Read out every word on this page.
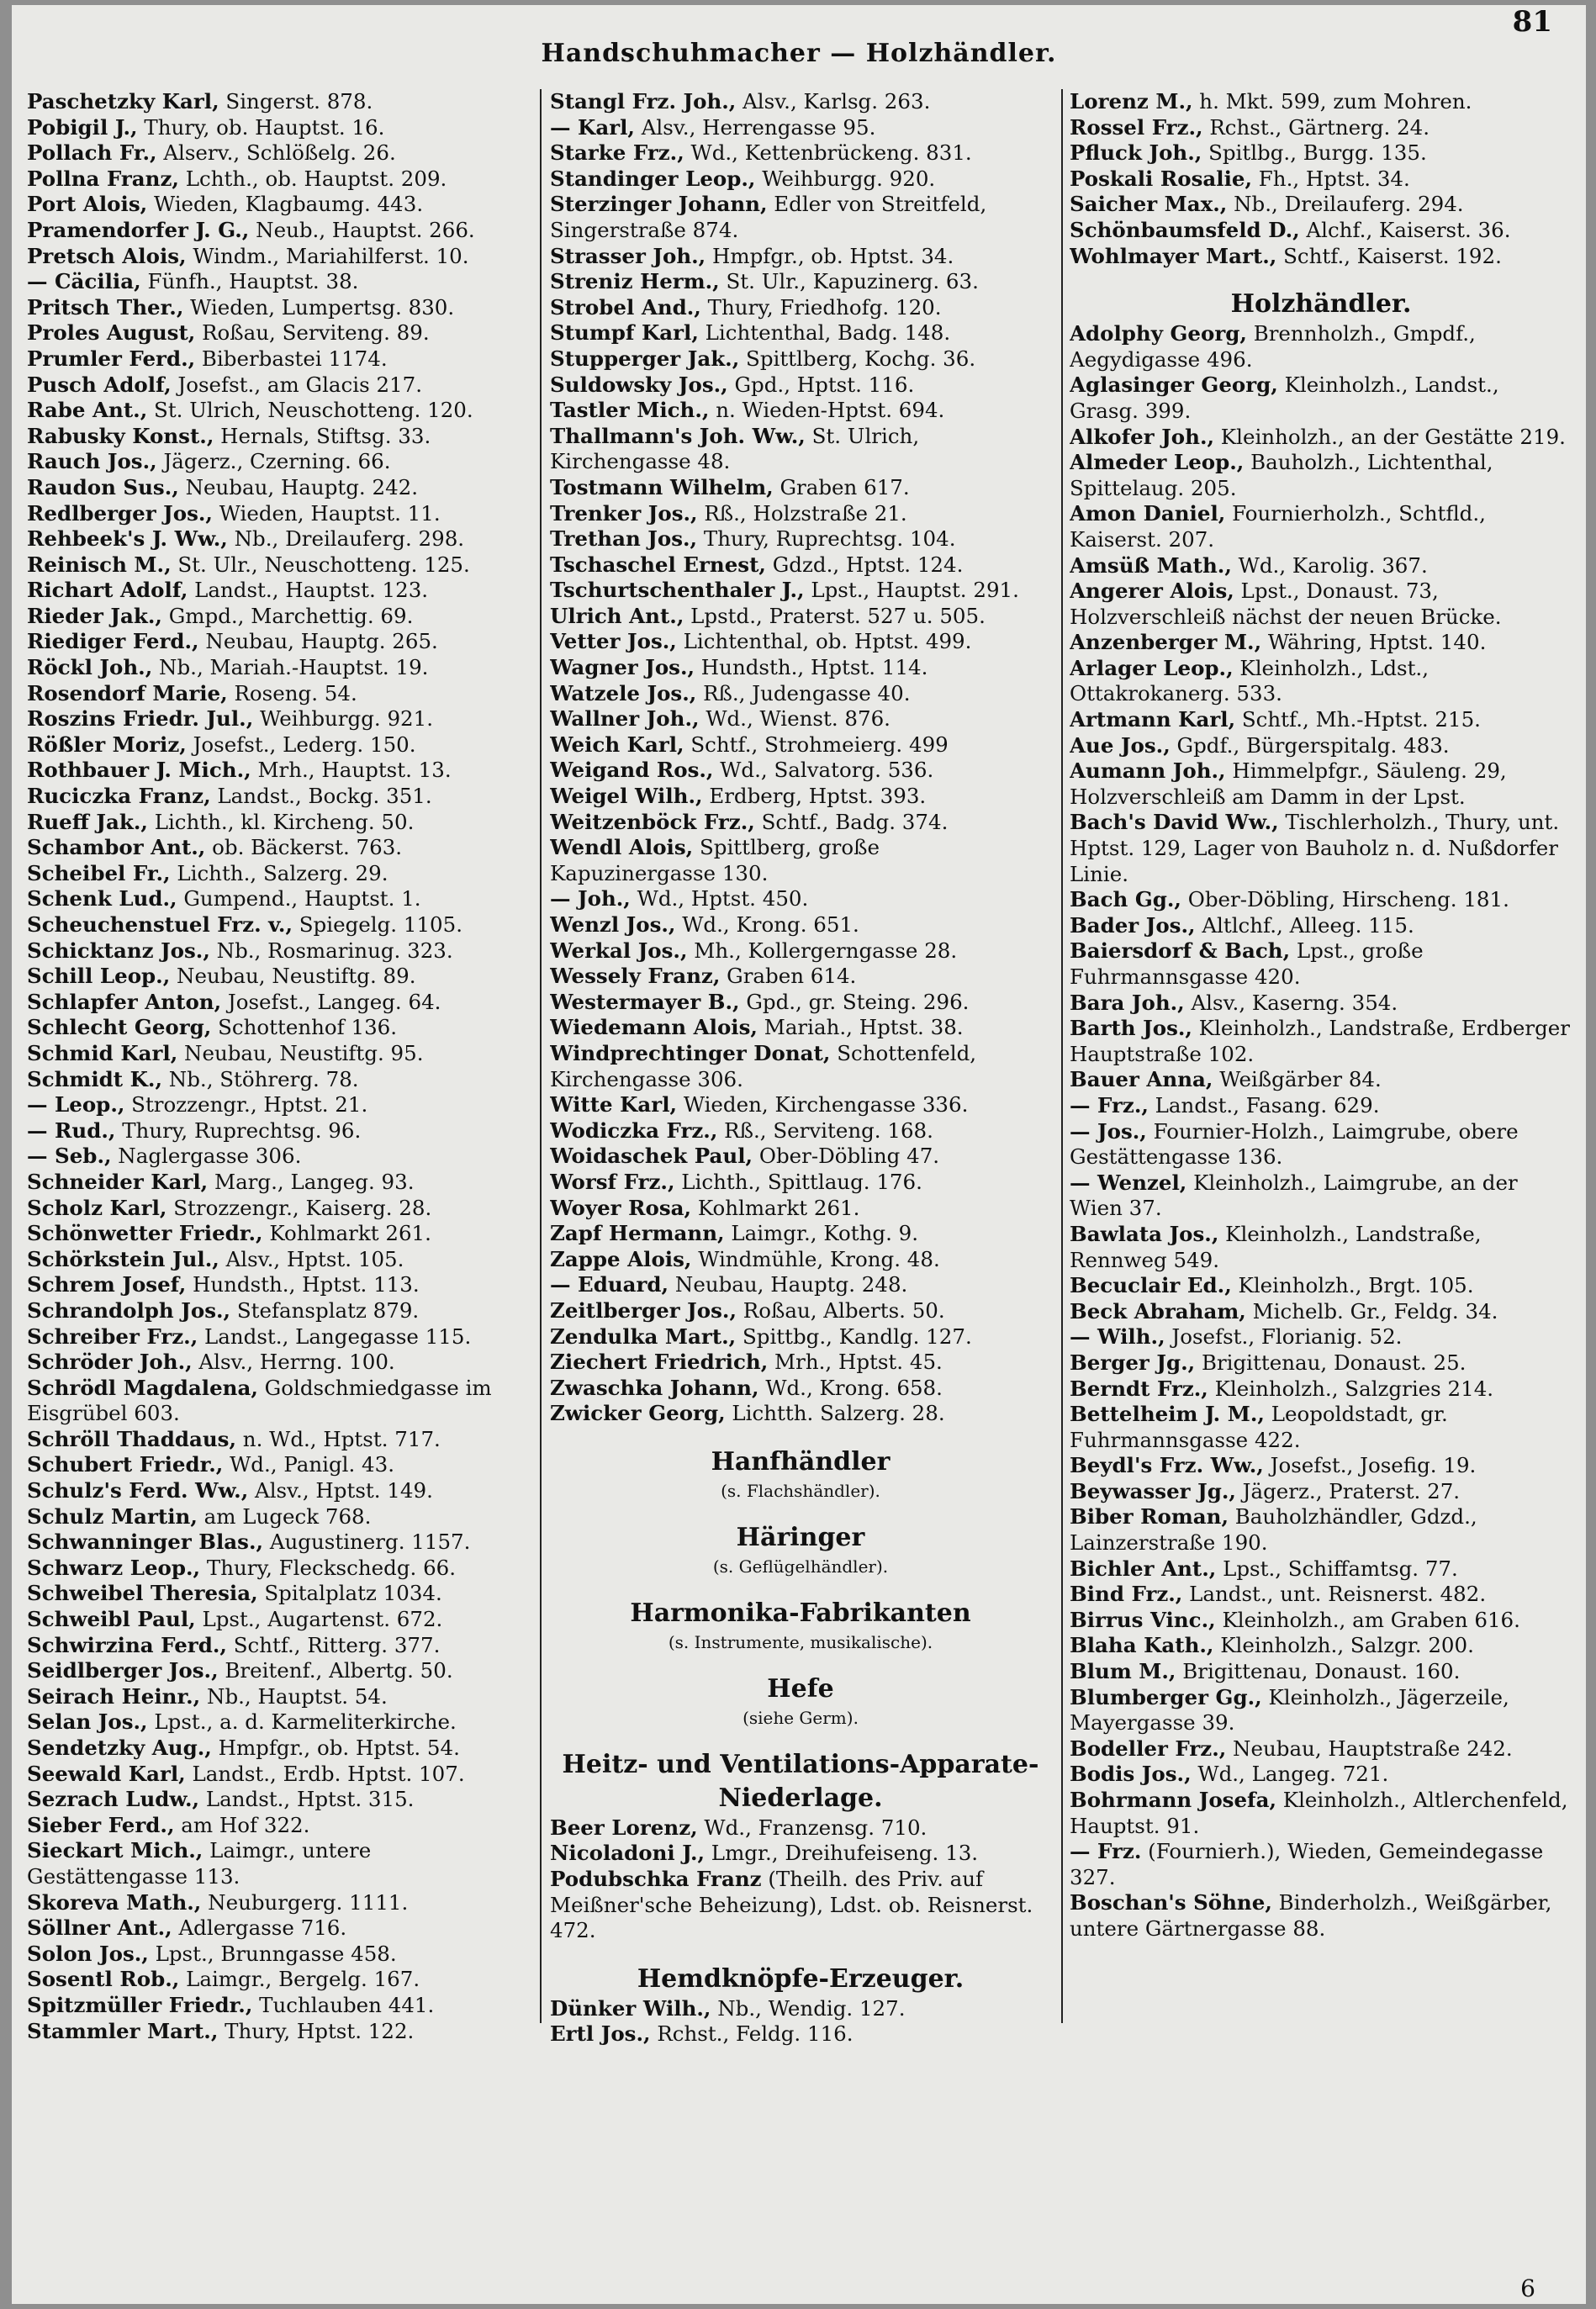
Handschuhmacher — Holzhändler.
81
Paschetzky Karl, Singerst. 878.
Pobigil J., Thury, ob. Hauptst. 16.
Pollach Fr., Alserv., Schlößelg. 26.
Pollna Franz, Lchth., ob. Hauptst. 209.
Port Alois, Wieden, Klagbaumg. 443.
Pramendorfer J. G., Neub., Hauptst. 266.
Pretsch Alois, Windm., Mariahilferst. 10.
— Cäcilia, Fünfh., Hauptst. 38.
Pritsch Ther., Wieden, Lumpertsg. 830.
Proles August, Roßau, Serviteng. 89.
Prumler Ferd., Biberbastei 1174.
Pusch Adolf, Josefst., am Glacis 217.
Rabe Ant., St. Ulrich, Neuschotteng. 120.
Rabusky Konst., Hernals, Stiftsg. 33.
Rauch Jos., Jägerz., Czerning. 66.
Raudon Sus., Neubau, Hauptg. 242.
Redlberger Jos., Wieden, Hauptst. 11.
Rehbeek's J. Ww., Nb., Dreilauferg. 298.
Reinisch M., St. Ulr., Neuschotteng. 125.
Richart Adolf, Landst., Hauptst. 123.
Rieder Jak., Gmpd., Marchettig. 69.
Riediger Ferd., Neubau, Hauptg. 265.
Röckl Joh., Nb., Mariah.-Hauptst. 19.
Rosendorf Marie, Roseng. 54.
Roszins Friedr. Jul., Weihburgg. 921.
Rößler Moriz, Josefst., Lederg. 150.
Rothbauer J. Mich., Mrh., Hauptst. 13.
Ruciczka Franz, Landst., Bockg. 351.
Rueff Jak., Lichth., kl. Kircheng. 50.
Schambor Ant., ob. Bäckerst. 763.
Scheibel Fr., Lichth., Salzerg. 29.
Schenk Lud., Gumpend., Hauptst. 1.
Scheuchenstuel Frz. v., Spiegelg. 1105.
Schicktanz Jos., Nb., Rosmarinug. 323.
Schill Leop., Neubau, Neustiftg. 89.
Schlapfer Anton, Josefst., Langeg. 64.
Schlecht Georg, Schottenhof 136.
Schmid Karl, Neubau, Neustiftg. 95.
Schmidt K., Nb., Stöhrerg. 78.
— Leop., Strozzengr., Hptst. 21.
— Rud., Thury, Ruprechtsg. 96.
— Seb., Naglergasse 306.
Schneider Karl, Marg., Langeg. 93.
Scholz Karl, Strozzengr., Kaiserg. 28.
Schönwetter Friedr., Kohlmarkt 261.
Schörkstein Jul., Alsv., Hptst. 105.
Schrem Josef, Hundsth., Hptst. 113.
Schrandolph Jos., Stefansplatz 879.
Schreiber Frz., Landst., Langegasse 115.
Schröder Joh., Alsv., Herrng. 100.
Schrödl Magdalena, Goldschmiedgasse im Eisgrübel 603.
Schröll Thaddaus, n. Wd., Hptst. 717.
Schubert Friedr., Wd., Panigl. 43.
Schulz's Ferd. Ww., Alsv., Hptst. 149.
Schulz Martin, am Lugeck 768.
Schwanninger Blas., Augustinerg. 1157.
Schwarz Leop., Thury, Fleckschedg. 66.
Schweibel Theresia, Spitalplatz 1034.
Schweibl Paul, Lpst., Augartenst. 672.
Schwirzina Ferd., Schtf., Ritterg. 377.
Seidlberger Jos., Breitenf., Albertg. 50.
Seirach Heinr., Nb., Hauptst. 54.
Selan Jos., Lpst., a. d. Karmeliterkirche.
Sendetzky Aug., Hmpfgr., ob. Hptst. 54.
Seewald Karl, Landst., Erdb. Hptst. 107.
Sezrach Ludw., Landst., Hptst. 315.
Sieber Ferd., am Hof 322.
Sieckart Mich., Laimgr., untere Gestättengasse 113.
Skoreva Math., Neuburgerg. 1111.
Söllner Ant., Adlergasse 716.
Solon Jos., Lpst., Brunngasse 458.
Sosentl Rob., Laimgr., Bergelg. 167.
Spitzmüller Friedr., Tuchlauben 441.
Stammler Mart., Thury, Hptst. 122.
Stangl Frz. Joh., Alsv., Karlsg. 263.
— Karl, Alsv., Herrengasse 95.
Starke Frz., Wd., Kettenbrückeng. 831.
Standinger Leop., Weihburgg. 920.
Sterzinger Johann, Edler von Streitfeld, Singerstraße 874.
Strasser Joh., Hmpfgr., ob. Hptst. 34.
Streniz Herm., St. Ulr., Kapuzinerg. 63.
Strobel And., Thury, Friedhofg. 120.
Stumpf Karl, Lichtenthal, Badg. 148.
Stupperger Jak., Spittlberg, Kochg. 36.
Suldowsky Jos., Gpd., Hptst. 116.
Tastler Mich., n. Wieden-Hptst. 694.
Thallmann's Joh. Ww., St. Ulrich, Kirchengasse 48.
Tostmann Wilhelm, Graben 617.
Trenker Jos., Rß., Holzstraße 21.
Trethan Jos., Thury, Ruprechtsg. 104.
Tschaschel Ernest, Gdzd., Hptst. 124.
Tschurtschenthaler J., Lpst., Hauptst. 291.
Ulrich Ant., Lpstd., Praterst. 527 u. 505.
Vetter Jos., Lichtenthal, ob. Hptst. 499.
Wagner Jos., Hundsth., Hptst. 114.
Watzele Jos., Rß., Judengasse 40.
Wallner Joh., Wd., Wienst. 876.
Weich Karl, Schtf., Strohmeierg. 499
Weigand Ros., Wd., Salvatorg. 536.
Weigel Wilh., Erdberg, Hptst. 393.
Weitzenböck Frz., Schtf., Badg. 374.
Wendl Alois, Spittlberg, große Kapuzinergasse 130.
— Joh., Wd., Hptst. 450.
Wenzl Jos., Wd., Krong. 651.
Werkal Jos., Mh., Kollergerngasse 28.
Wessely Franz, Graben 614.
Westermayer B., Gpd., gr. Steing. 296.
Wiedemann Alois, Mariah., Hptst. 38.
Windprechtinger Donat, Schottenfeld, Kirchengasse 306.
Witte Karl, Wieden, Kirchengasse 336.
Wodiczka Frz., Rß., Serviteng. 168.
Woidaschek Paul, Ober-Döbling 47.
Worsf Frz., Lichth., Spittlaug. 176.
Woyer Rosa, Kohlmarkt 261.
Zapf Hermann, Laimgr., Kothg. 9.
Zappe Alois, Windmühle, Krong. 48.
— Eduard, Neubau, Hauptg. 248.
Zeitlberger Jos., Roßau, Alberts. 50.
Zendulka Mart., Spittbg., Kandlg. 127.
Ziechert Friedrich, Mrh., Hptst. 45.
Zwaschka Johann, Wd., Krong. 658.
Zwicker Georg, Lichtth. Salzerg. 28.
Hanfhändler
(s. Flachshändler).
Häringer
(s. Geflügelhändler).
Harmonika-Fabrikanten
(s. Instrumente, musikalische).
Hefe
(siehe Germ).
Heitz- und Ventilations-Apparate-Niederlage.
Beer Lorenz, Wd., Franzensg. 710.
Nicoladoni J., Lmgr., Dreihufeiseng. 13.
Podubschka Franz (Theilh. des Priv. auf Meißner'sche Beheizung), Ldst. ob. Reisnerst. 472.
Hemdknöpfe-Erzeuger.
Dünker Wilh., Nb., Wendig. 127.
Ertl Jos., Rchst., Feldg. 116.
Lorenz M., h. Mkt. 599, zum Mohren.
Rossel Frz., Rchst., Gärtnerg. 24.
Pfluck Joh., Spitlbg., Burgg. 135.
Poskali Rosalie, Fh., Hptst. 34.
Saicher Max., Nb., Dreilauferg. 294.
Schönbaumsfeld D., Alchf., Kaiserst. 36.
Wohlmayer Mart., Schtf., Kaiserst. 192.
Holzhändler.
Adolphy Georg, Brennholzh., Gmpdf., Aegydigasse 496.
Aglasinger Georg, Kleinholzh., Landst., Grasg. 399.
Alkofer Joh., Kleinholzh., an der Gestätte 219.
Almeder Leop., Bauholzh., Lichtenthal, Spittelaug. 205.
Amon Daniel, Fournierholzh., Schtfld., Kaiserst. 207.
Amsüß Math., Wd., Karolig. 367.
Angerer Alois, Lpst., Donaust. 73, Holzverschleiß nächst der neuen Brücke.
Anzenberger M., Währing, Hptst. 140.
Arlager Leop., Kleinholzh., Ldst., Ottakrokanerg. 533.
Artmann Karl, Schtf., Mh.-Hptst. 215.
Aue Jos., Gpdf., Bürgerspitalg. 483.
Aumann Joh., Himmelpfgr., Säuleng. 29, Holzverschleiß am Damm in der Lpst.
Bach's David Ww., Tischlerholzh., Thury, unt. Hptst. 129, Lager von Bauholz n. d. Nußdorfer Linie.
Bach Gg., Ober-Döbling, Hirscheng. 181.
Bader Jos., Altlchf., Alleeg. 115.
Baiersdorf & Bach, Lpst., große Fuhrmannsgasse 420.
Bara Joh., Alsv., Kaserng. 354.
Barth Jos., Kleinholzh., Landstraße, Erdberger Hauptstraße 102.
Bauer Anna, Weißgärber 84.
— Frz., Landst., Fasang. 629.
— Jos., Fournier-Holzh., Laimgrube, obere Gestättengasse 136.
— Wenzel, Kleinholzh., Laimgrube, an der Wien 37.
Bawlata Jos., Kleinholzh., Landstraße, Rennweg 549.
Becuclair Ed., Kleinholzh., Brgt. 105.
Beck Abraham, Michelb. Gr., Feldg. 34.
— Wilh., Josefst., Florianig. 52.
Berger Jg., Brigittenau, Donaust. 25.
Berndt Frz., Kleinholzh., Salzgries 214.
Bettelheim J. M., Leopoldstadt, gr. Fuhrmannsgasse 422.
Beydl's Frz. Ww., Josefst., Josefig. 19.
Beywasser Jg., Jägerz., Praterst. 27.
Biber Roman, Bauholzhändler, Gdzd., Lainzerstraße 190.
Bichler Ant., Lpst., Schiffamtsg. 77.
Bind Frz., Landst., unt. Reisnerst. 482.
Birrus Vinc., Kleinholzh., am Graben 616.
Blaha Kath., Kleinholzh., Salzgr. 200.
Blum M., Brigittenau, Donaust. 160.
Blumberger Gg., Kleinholzh., Jägerzeile, Mayergasse 39.
Bodeller Frz., Neubau, Hauptstraße 242.
Bodis Jos., Wd., Langeg. 721.
Bohrmann Josefa, Kleinholzh., Altlerchenfeld, Hauptst. 91.
— Frz. (Fournierh.), Wieden, Gemeindegasse 327.
Boschan's Söhne, Binderholzh., Weißgärber, untere Gärtnergasse 88.
6
